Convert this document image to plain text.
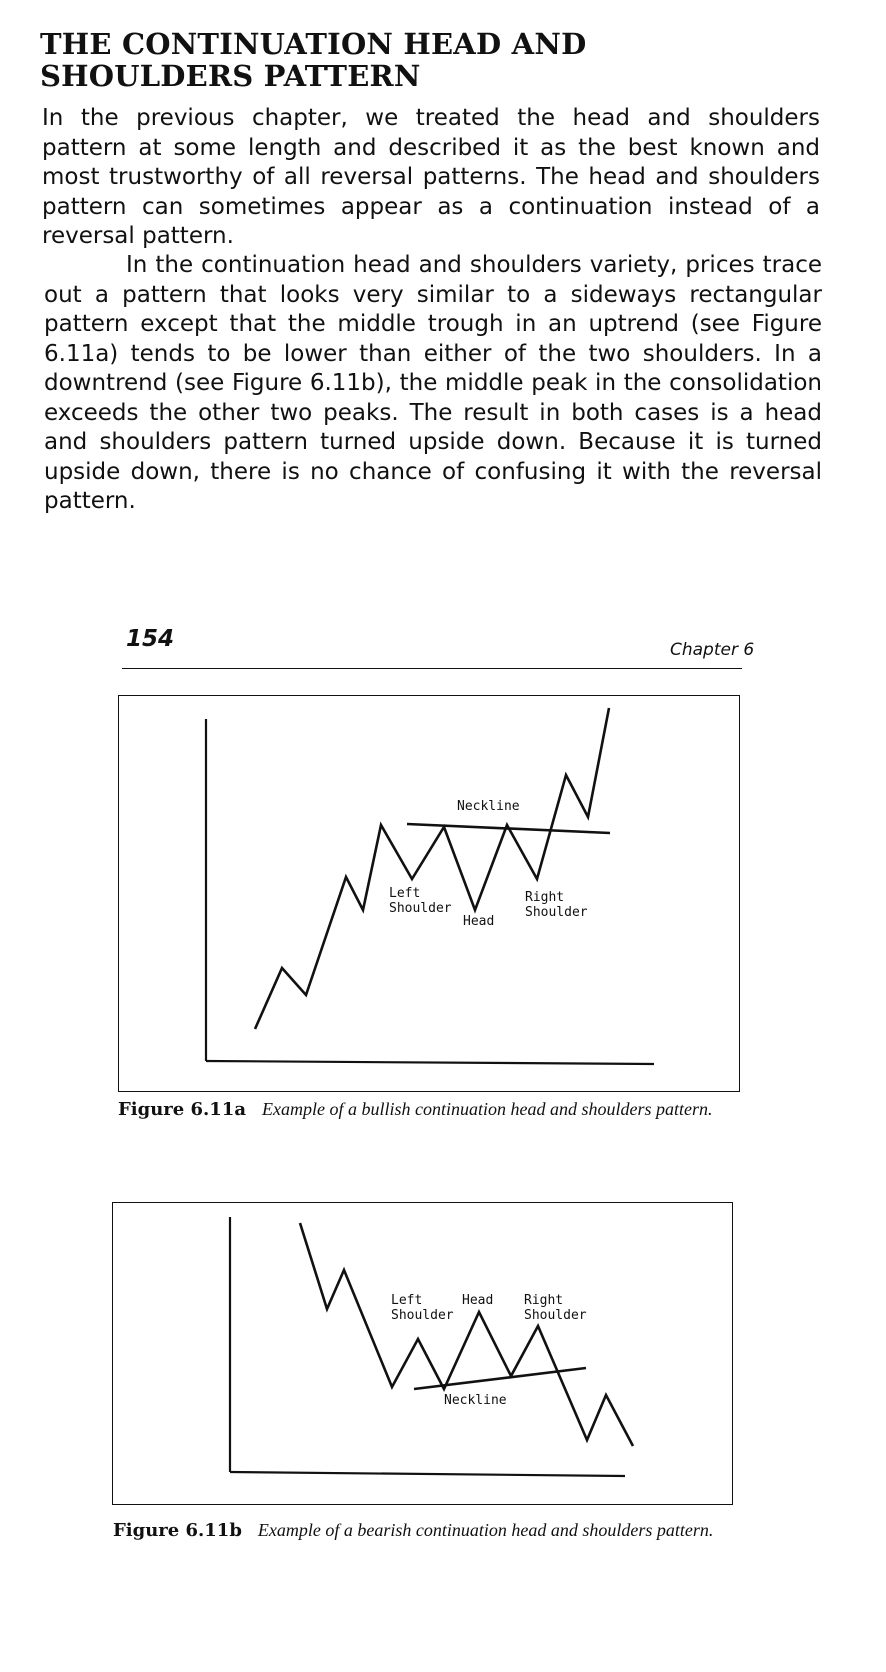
THE CONTINUATION HEAD AND
SHOULDERS PATTERN

In the previous chapter, we treated the head and shoulders pattern at some length and described it as the best known and most trustworthy of all reversal patterns. The head and shoulders pattern can sometimes appear as a continuation instead of a reversal pattern.

In the continuation head and shoulders variety, prices trace out a pattern that looks very similar to a sideways rectangular pattern except that the middle trough in an uptrend (see Figure 6.11a) tends to be lower than either of the two shoulders. In a downtrend (see Figure 6.11b), the middle peak in the consolidation exceeds the other two peaks. The result in both cases is a head and shoulders pattern turned upside down. Because it is turned upside down, there is no chance of confusing it with the reversal pattern.

154	Chapter 6
Neckline
Left
Shoulder
Head
Right
Shoulder

Figure 6.11a Example of a bullish continuation head and shoulders pattern.

Left
Shoulder
Head Right
Shoulder
Neckline

Figure 6.11b Example of a bearish continuation head and shoulders pattern.
